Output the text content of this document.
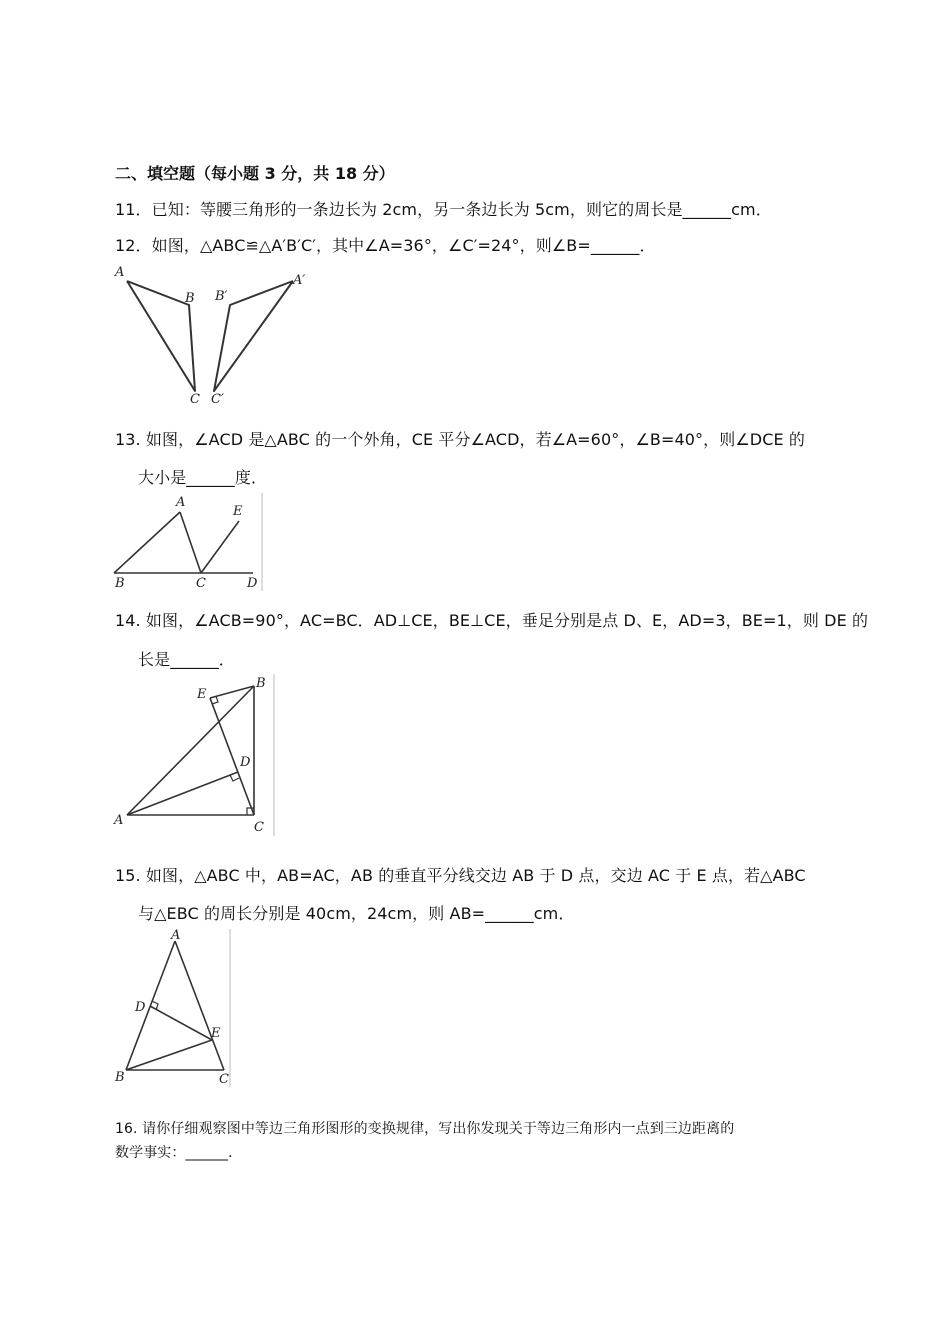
二、填空题（每小题 3 分，共 18 分）
11．已知：等腰三角形的一条边长为 2cm，另一条边长为 5cm，则它的周长是______cm．
12．如图，△ABC≌△A′B′C′，其中∠A=36°，∠C′=24°，则∠B=______．
A
B
C
A′
B′
C′
13. 如图，∠ACD 是△ABC 的一个外角，CE 平分∠ACD，若∠A=60°，∠B=40°，则∠DCE 的
大小是______度．
A
B	C	D
E
14. 如图，∠ACB=90°，AC=BC．AD⊥CE，BE⊥CE，垂足分别是点 D、E，AD=3，BE=1，则 DE 的
长是______．
A
B
C
D
E
15. 如图，△ABC 中，AB=AC，AB 的垂直平分线交边 AB 于 D 点，交边 AC 于 E 点，若△ABC
与△EBC 的周长分别是 40cm，24cm，则 AB=______cm．
A
B	C
D
E
16. 请你仔细观察图中等边三角形图形的变换规律，写出你发现关于等边三角形内一点到三边距离的
数学事实：______．
